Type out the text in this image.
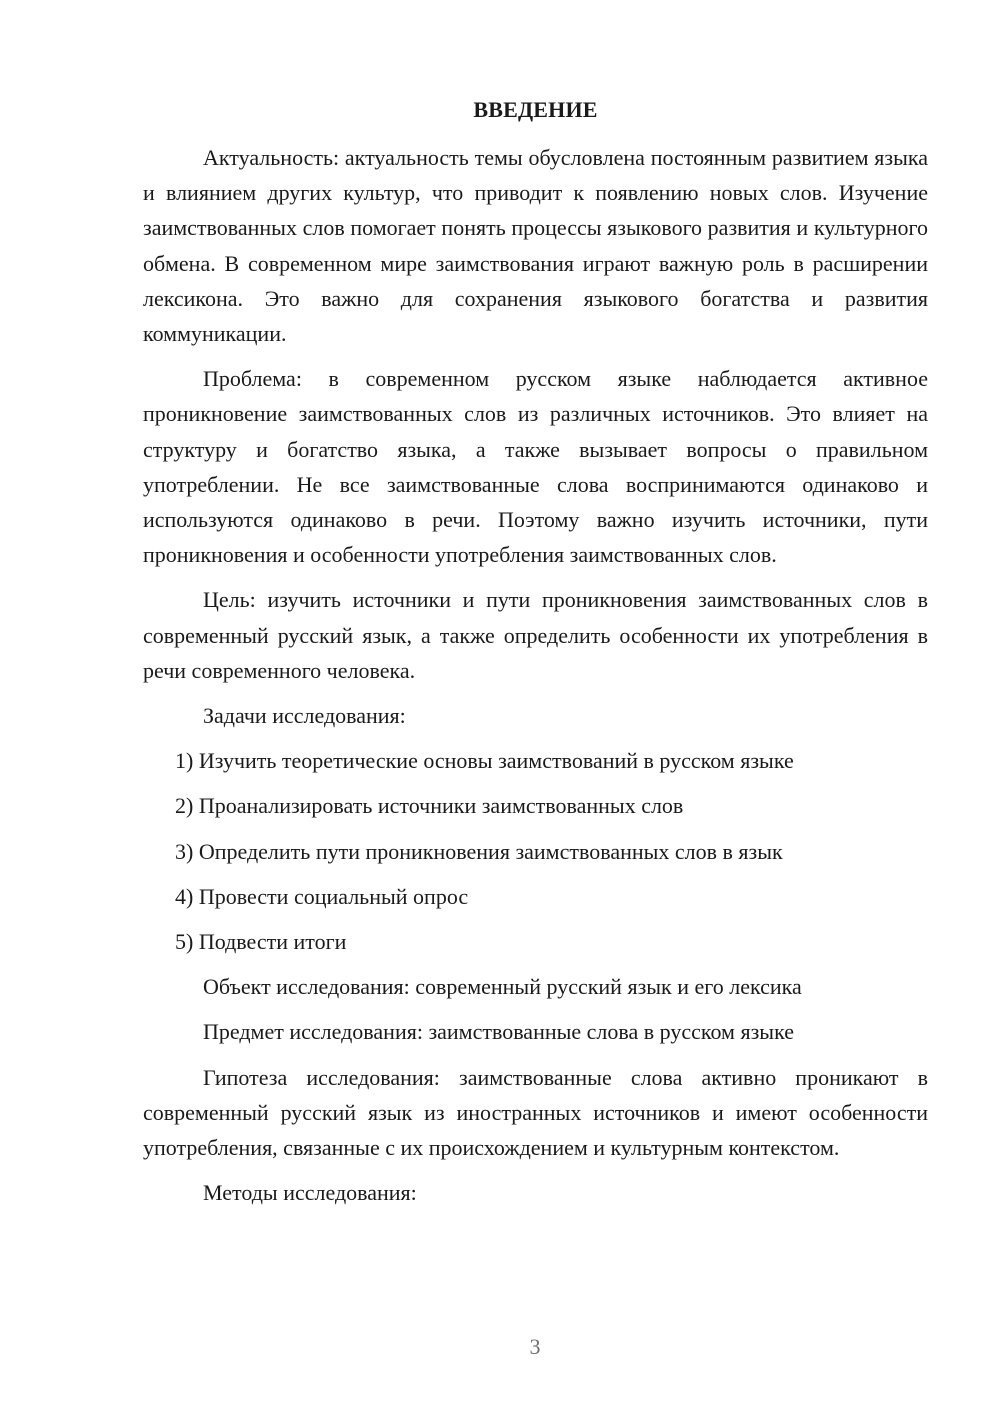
ВВЕДЕНИЕ

Актуальность: актуальность темы обусловлена постоянным развитием языка и влиянием других культур, что приводит к появлению новых слов. Изучение заимствованных слов помогает понять процессы языкового развития и культурного обмена. В современном мире заимствования играют важную роль в расширении лексикона. Это важно для сохранения языкового богатства и развития коммуникации.

Проблема: в современном русском языке наблюдается активное проникновение заимствованных слов из различных источников. Это влияет на структуру и богатство языка, а также вызывает вопросы о правильном употреблении. Не все заимствованные слова воспринимаются одинаково и используются одинаково в речи. Поэтому важно изучить источники, пути проникновения и особенности употребления заимствованных слов.

Цель: изучить источники и пути проникновения заимствованных слов в современный русский язык, а также определить особенности их употребления в речи современного человека.

Задачи исследования:

1) Изучить теоретические основы заимствований в русском языке
2) Проанализировать источники заимствованных слов
3) Определить пути проникновения заимствованных слов в язык
4) Провести социальный опрос
5) Подвести итоги

Объект исследования: современный русский язык и его лексика

Предмет исследования: заимствованные слова в русском языке

Гипотеза исследования: заимствованные слова активно проникают в современный русский язык из иностранных источников и имеют особенности употребления, связанные с их происхождением и культурным контекстом.

Методы исследования:

3
